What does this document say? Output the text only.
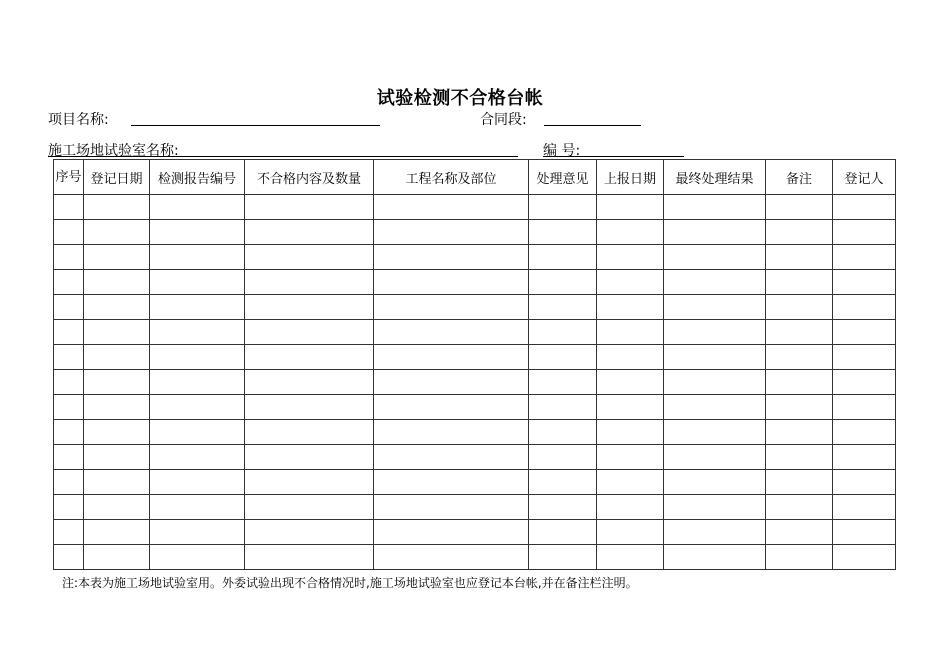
试验检测不合格台帐
项目名称:	合同段:
施工场地试验室名称:	编 号:
序号	登记日期	检测报告编号	不合格内容及数量	工程名称及部位	处理意见	上报日期	最终处理结果	备注	登记人

注:本表为施工场地试验室用。外委试验出现不合格情况时,施工场地试验室也应登记本台帐,并在备注栏注明。
